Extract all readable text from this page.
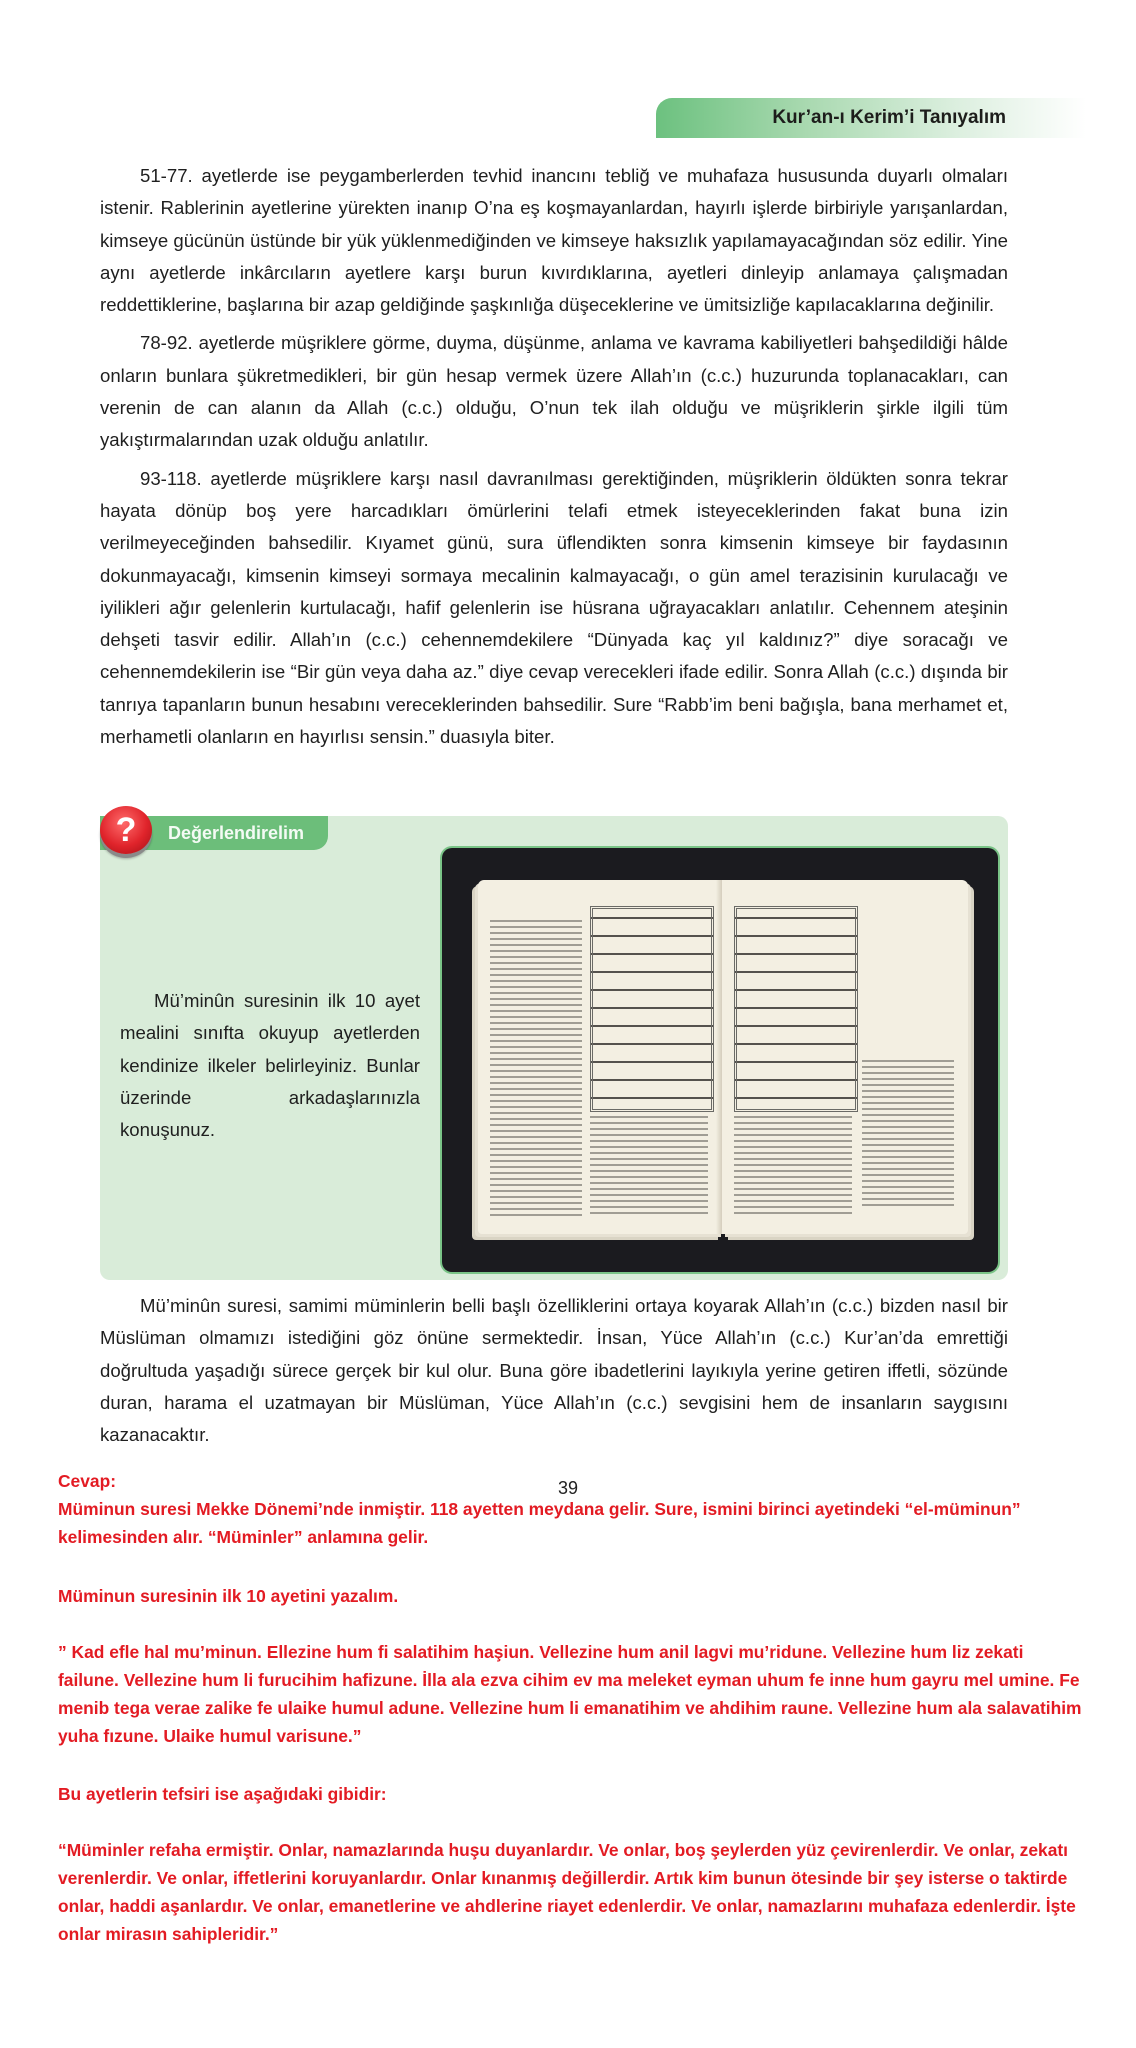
Kur’an-ı Kerim’i Tanıyalım

51-77. ayetlerde ise peygamberlerden tevhid inancını tebliğ ve muhafaza hususunda duyarlı olmaları istenir. Rablerinin ayetlerine yürekten inanıp O’na eş koşmayanlardan, hayırlı işlerde birbiriyle yarışanlardan, kimseye gücünün üstünde bir yük yüklenmediğinden ve kimseye haksızlık yapılamayacağından söz edilir. Yine aynı ayetlerde inkârcıların ayetlere karşı burun kıvırdıklarına, ayetleri dinleyip anlamaya çalışmadan reddettiklerine, başlarına bir azap geldiğinde şaşkınlığa düşeceklerine ve ümitsizliğe kapılacaklarına değinilir.

78-92. ayetlerde müşriklere görme, duyma, düşünme, anlama ve kavrama kabiliyetleri bahşedildiği hâlde onların bunlara şükretmedikleri, bir gün hesap vermek üzere Allah’ın (c.c.) huzurunda toplanacakları, can verenin de can alanın da Allah (c.c.) olduğu, O’nun tek ilah olduğu ve müşriklerin şirkle ilgili tüm yakıştırmalarından uzak olduğu anlatılır.

93-118. ayetlerde müşriklere karşı nasıl davranılması gerektiğinden, müşriklerin öldükten sonra tekrar hayata dönüp boş yere harcadıkları ömürlerini telafi etmek isteyeceklerinden fakat buna izin verilmeyeceğinden bahsedilir. Kıyamet günü, sura üflendikten sonra kimsenin kimseye bir faydasının dokunmayacağı, kimsenin kimseyi sormaya mecalinin kalmayacağı, o gün amel terazisinin kurulacağı ve iyilikleri ağır gelenlerin kurtulacağı, hafif gelenlerin ise hüsrana uğrayacakları anlatılır. Cehennem ateşinin dehşeti tasvir edilir. Allah’ın (c.c.) cehennemdekilere “Dünyada kaç yıl kaldınız?” diye soracağı ve cehennemdekilerin ise “Bir gün veya daha az.” diye cevap verecekleri ifade edilir. Sonra Allah (c.c.) dışında bir tanrıya tapanların bunun hesabını vereceklerinden bahsedilir. Sure “Rabb’im beni bağışla, bana merhamet et, merhametli olanların en hayırlısı sensin.” duasıyla biter.

?	Değerlendirelim

Mü’minûn suresinin ilk 10 ayet mealini sınıfta okuyup ayetlerden kendinize ilkeler belirleyiniz. Bunlar üzerinde arkadaşlarınızla konuşunuz.

Mü’minûn suresi, samimi müminlerin belli başlı özelliklerini ortaya koyarak Allah’ın (c.c.) bizden nasıl bir Müslüman olmamızı istediğini göz önüne sermektedir. İnsan, Yüce Allah’ın (c.c.) Kur’an’da emrettiği doğrultuda yaşadığı sürece gerçek bir kul olur. Buna göre ibadetlerini layıkıyla yerine getiren iffetli, sözünde duran, harama el uzatmayan bir Müslüman, Yüce Allah’ın (c.c.) sevgisini hem de insanların saygısını kazanacaktır.

39

Cevap:

Müminun suresi Mekke Dönemi’nde inmiştir. 118 ayetten meydana gelir. Sure, ismini birinci ayetindeki “el-müminun” kelimesinden alır. “Müminler” anlamına gelir.

Müminun suresinin ilk 10 ayetini yazalım.

” Kad efle hal mu’minun. Ellezine hum fi salatihim haşiun. Vellezine hum anil lagvi mu’ridune. Vellezine hum liz zekati failune. Vellezine hum li furucihim hafizune. İlla ala ezva cihim ev ma meleket eyman uhum fe inne hum gayru mel umine. Fe menib tega verae zalike fe ulaike humul adune. Vellezine hum li emanatihim ve ahdihim raune. Vellezine hum ala salavatihim yuha fızune. Ulaike humul varisune.”

Bu ayetlerin tefsiri ise aşağıdaki gibidir:

“Müminler refaha ermiştir. Onlar, namazlarında huşu duyanlardır. Ve onlar, boş şeylerden yüz çevirenlerdir. Ve onlar, zekatı verenlerdir. Ve onlar, iffetlerini koruyanlardır. Onlar kınanmış değillerdir. Artık kim bunun ötesinde bir şey isterse o taktirde onlar, haddi aşanlardır. Ve onlar, emanetlerine ve ahdlerine riayet edenlerdir. Ve onlar, namazlarını muhafaza edenlerdir. İşte onlar mirasın sahipleridir.”
